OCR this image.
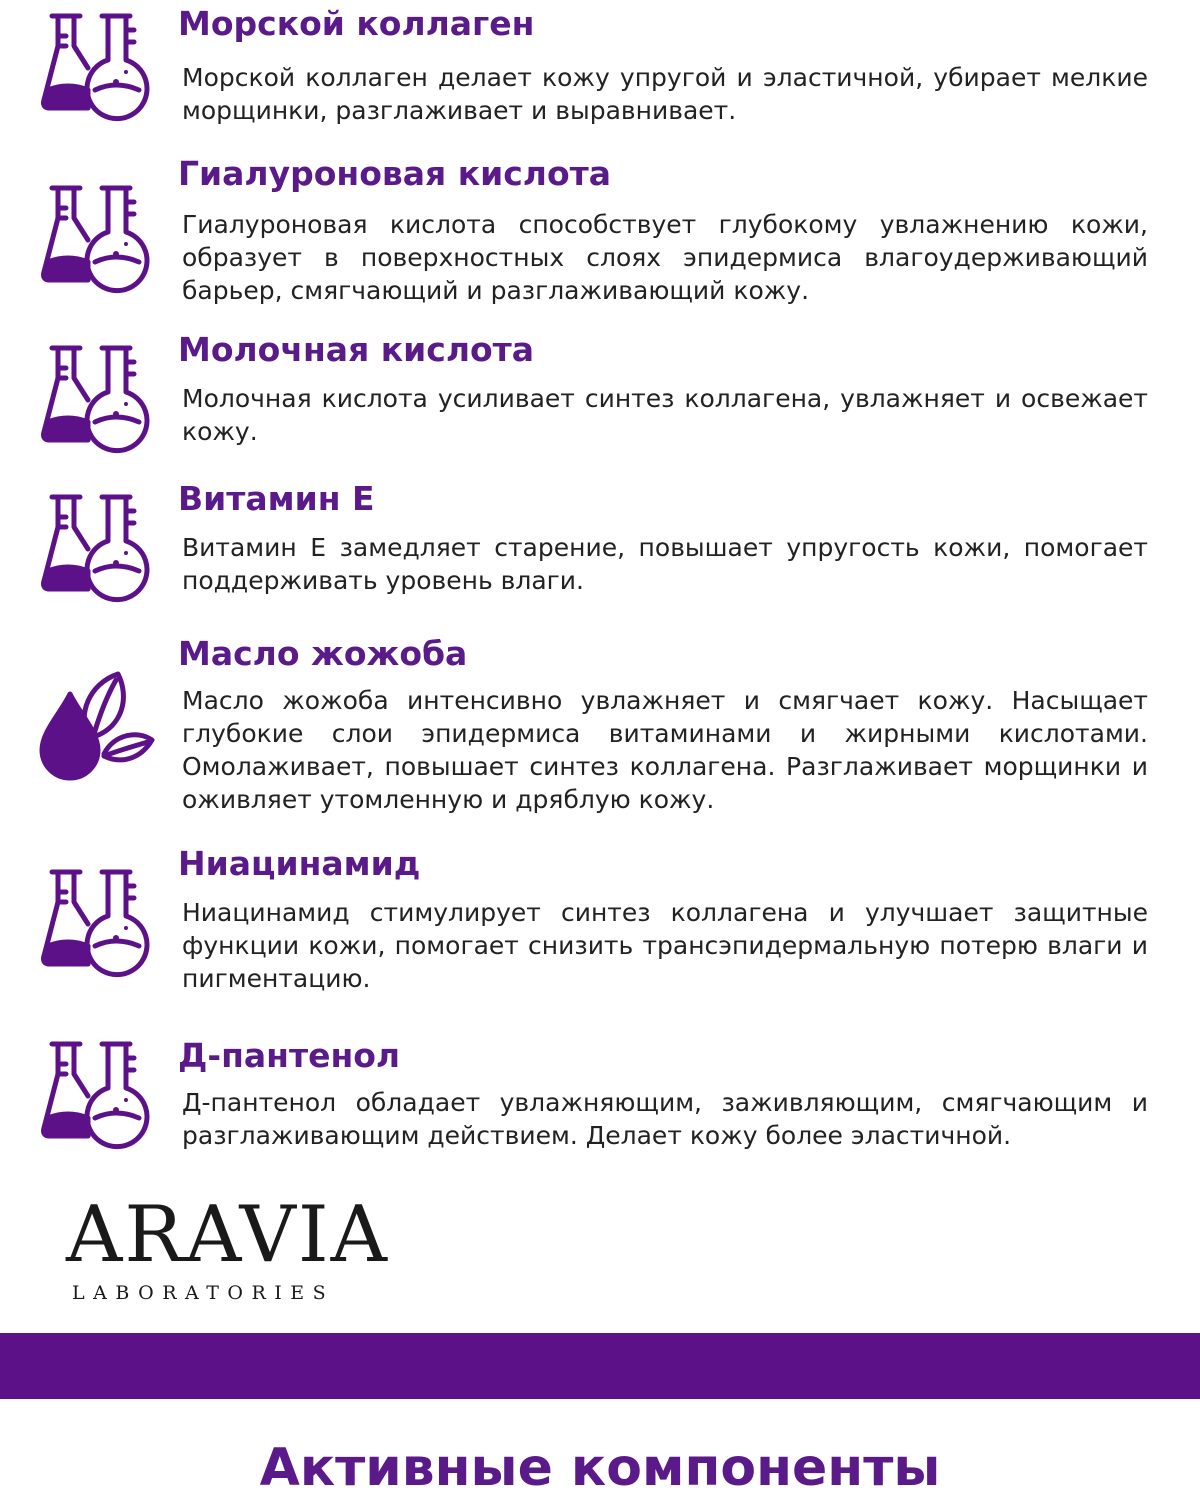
Морской коллаген

Морской коллаген делает кожу упругой и эластичной, убирает мелкие морщинки, разглаживает и выравнивает.

Гиалуроновая кислота

Гиалуроновая кислота способствует глубокому увлажнению кожи, образует в поверхностных слоях эпидермиса влагоудерживающий барьер, смягчающий и разглаживающий кожу.

Молочная кислота

Молочная кислота усиливает синтез коллагена, увлажняет и освежает кожу.

Витамин Е

Витамин Е замедляет старение, повышает упругость кожи, помогает поддерживать уровень влаги.

Масло жожоба

Масло жожоба интенсивно увлажняет и смягчает кожу. Насыщает глубокие слои эпидермиса витаминами и жирными кислотами. Омолаживает, повышает синтез коллагена. Разглаживает морщинки и оживляет утомленную и дряблую кожу.

Ниацинамид

Ниацинамид стимулирует синтез коллагена и улучшает защитные функции кожи, помогает снизить трансэпидермальную потерю влаги и пигментацию.

Д-пантенол

Д-пантенол обладает увлажняющим, заживляющим, смягчающим и разглаживающим действием. Делает кожу более эластичной.

ARAVIA
LABORATORIES
Активные компоненты
